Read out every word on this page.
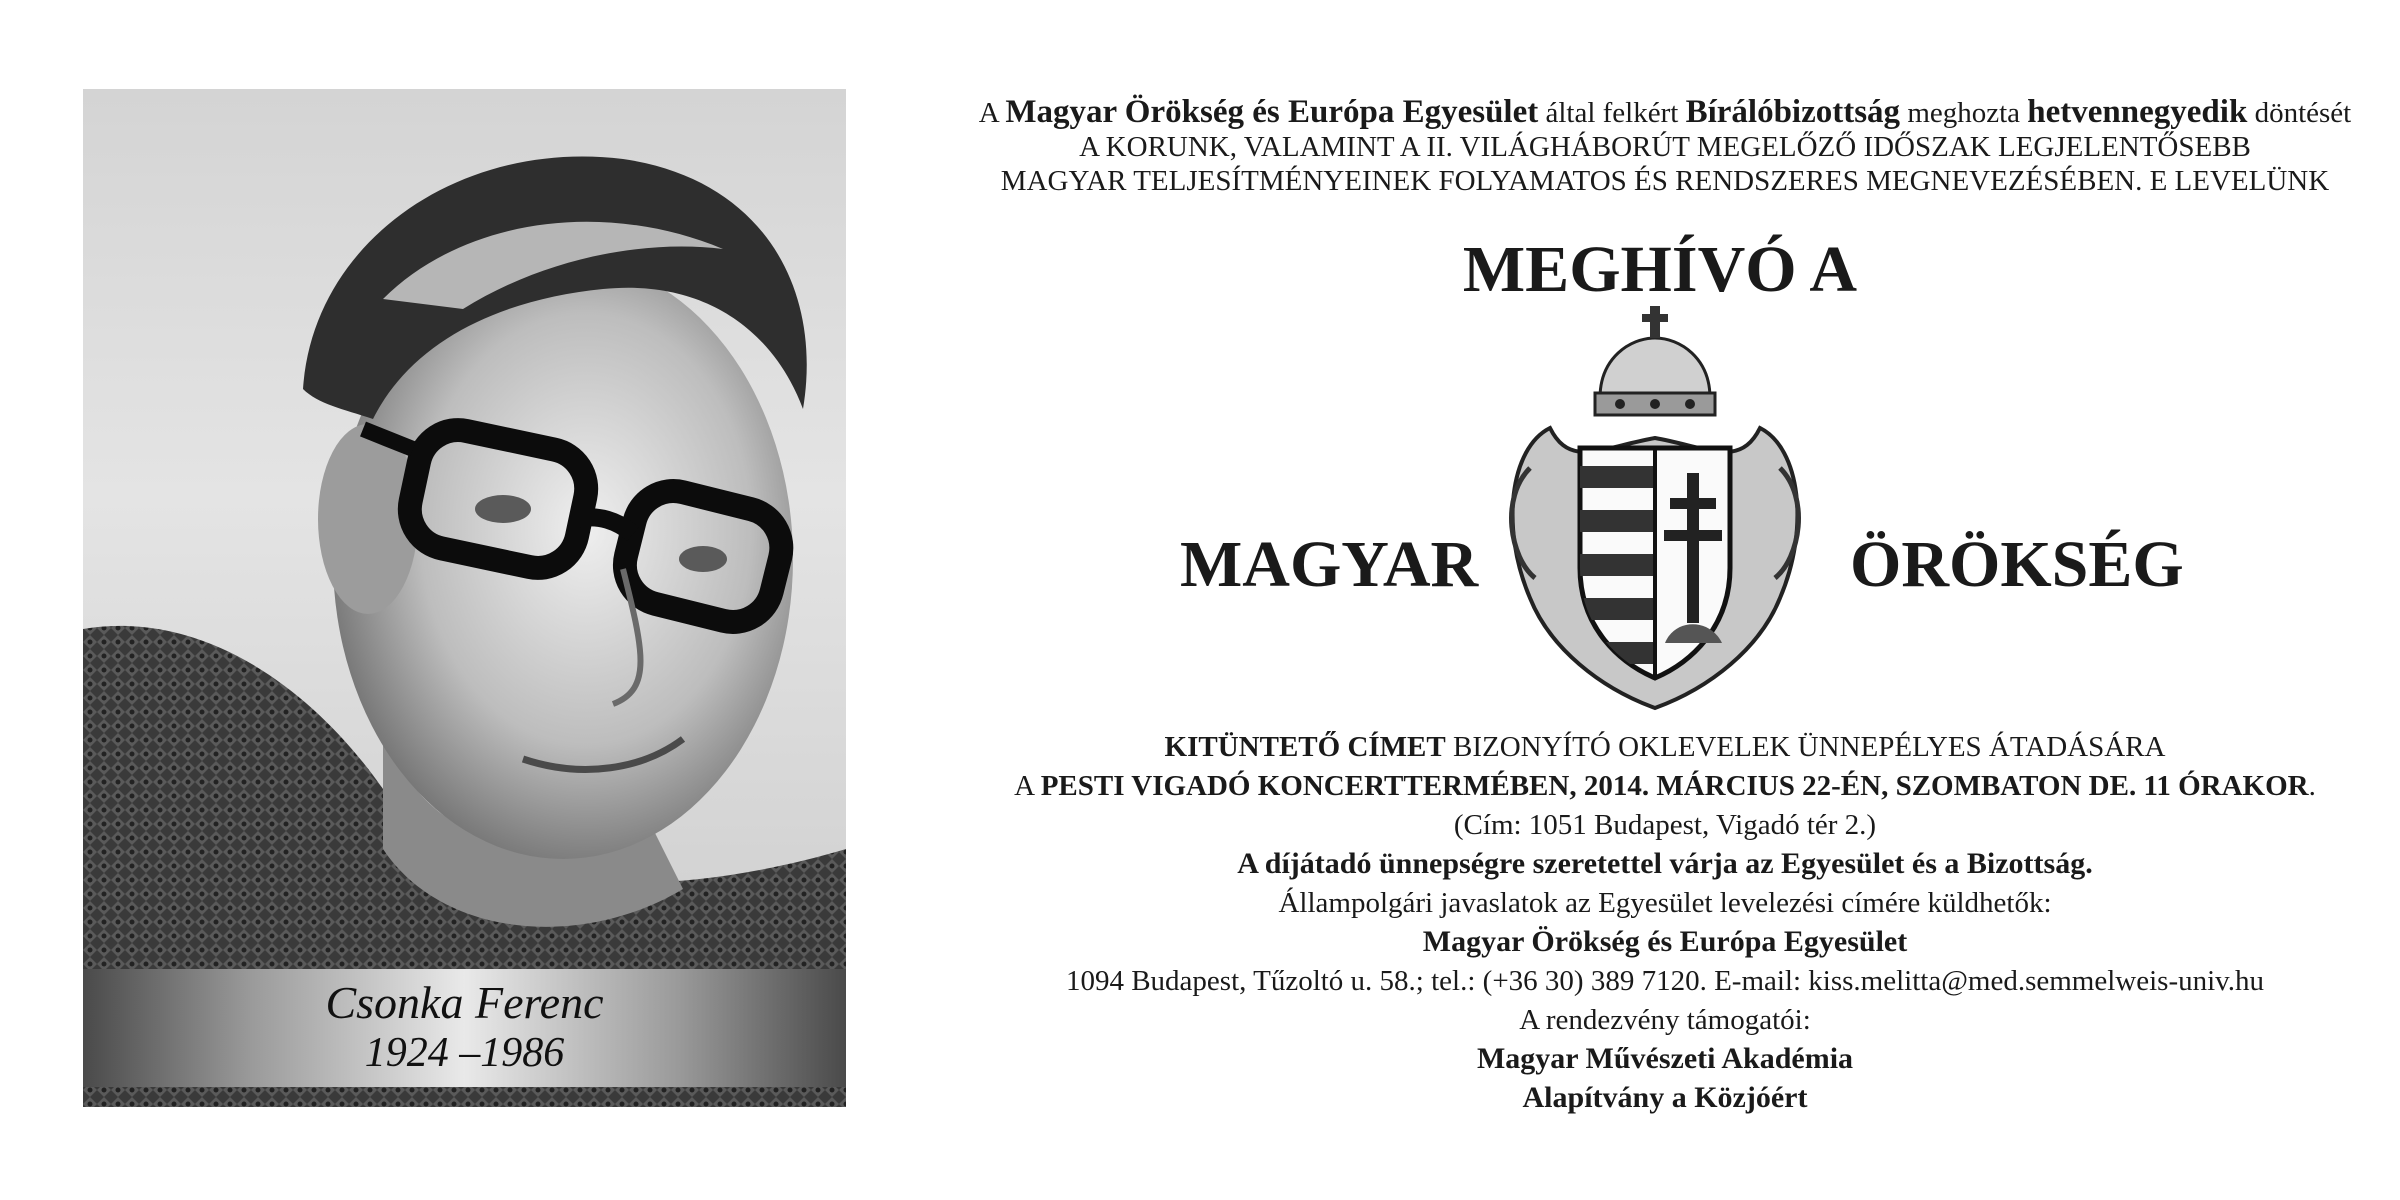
Csonka Ferenc
1924 –1986
A Magyar Örökség és Európa Egyesület által felkért Bírálóbizottság meghozta hetvennegyedik döntését
A KORUNK, VALAMINT A II. VILÁGHÁBORÚT MEGELŐZŐ IDŐSZAK LEGJELENTŐSEBB
MAGYAR TELJESÍTMÉNYEINEK FOLYAMATOS ÉS RENDSZERES MEGNEVEZÉSÉBEN. E LEVELÜNK
MEGHÍVÓ A
MAGYAR	ÖRÖKSÉG
KITÜNTETŐ CÍMET BIZONYÍTÓ OKLEVELEK ÜNNEPÉLYES ÁTADÁSÁRA
A PESTI VIGADÓ KONCERTTERMÉBEN, 2014. MÁRCIUS 22-ÉN, SZOMBATON DE. 11 ÓRAKOR.
(Cím: 1051 Budapest, Vigadó tér 2.)
A díjátadó ünnepségre szeretettel várja az Egyesület és a Bizottság.
Állampolgári javaslatok az Egyesület levelezési címére küldhetők:
Magyar Örökség és Európa Egyesület
1094 Budapest, Tűzoltó u. 58.; tel.: (+36 30) 389 7120. E-mail: kiss.melitta@med.semmelweis-univ.hu
A rendezvény támogatói:
Magyar Művészeti Akadémia
Alapítvány a Közjóért
